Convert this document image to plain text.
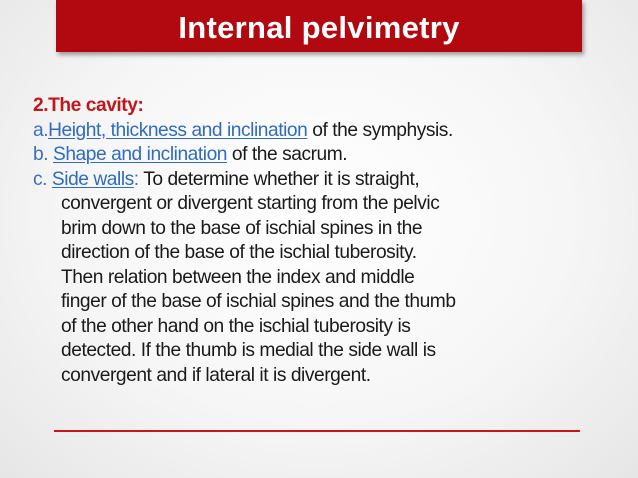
Internal pelvimetry
2.The cavity:
a.Height, thickness and inclination of the symphysis.
b. Shape and inclination of the sacrum.
c. Side walls: To determine whether it is straight,
convergent or divergent starting from the pelvic
brim down to the base of ischial spines in the
direction of the base of the ischial tuberosity.
Then relation between the index and middle
finger of the base of ischial spines and the thumb
of the other hand on the ischial tuberosity is
detected. If the thumb is medial the side wall is
convergent and if lateral it is divergent.
